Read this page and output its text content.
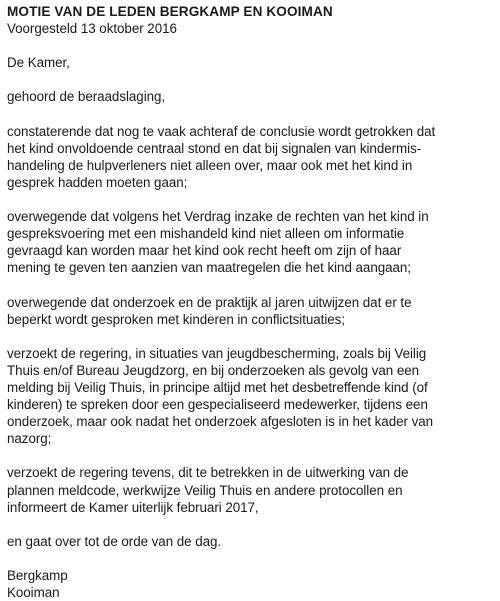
MOTIE VAN DE LEDEN BERGKAMP EN KOOIMAN
Voorgesteld 13 oktober 2016
De Kamer,
gehoord de beraadslaging,
constaterende dat nog te vaak achteraf de conclusie wordt getrokken dat
het kind onvoldoende centraal stond en dat bij signalen van kindermis-
handeling de hulpverleners niet alleen over, maar ook met het kind in
gesprek hadden moeten gaan;
overwegende dat volgens het Verdrag inzake de rechten van het kind in
gespreksvoering met een mishandeld kind niet alleen om informatie
gevraagd kan worden maar het kind ook recht heeft om zijn of haar
mening te geven ten aanzien van maatregelen die het kind aangaan;
overwegende dat onderzoek en de praktijk al jaren uitwijzen dat er te
beperkt wordt gesproken met kinderen in conflictsituaties;
verzoekt de regering, in situaties van jeugdbescherming, zoals bij Veilig
Thuis en/of Bureau Jeugdzorg, en bij onderzoeken als gevolg van een
melding bij Veilig Thuis, in principe altijd met het desbetreffende kind (of
kinderen) te spreken door een gespecialiseerd medewerker, tijdens een
onderzoek, maar ook nadat het onderzoek afgesloten is in het kader van
nazorg;
verzoekt de regering tevens, dit te betrekken in de uitwerking van de
plannen meldcode, werkwijze Veilig Thuis en andere protocollen en
informeert de Kamer uiterlijk februari 2017,
en gaat over tot de orde van de dag.
Bergkamp
Kooiman
